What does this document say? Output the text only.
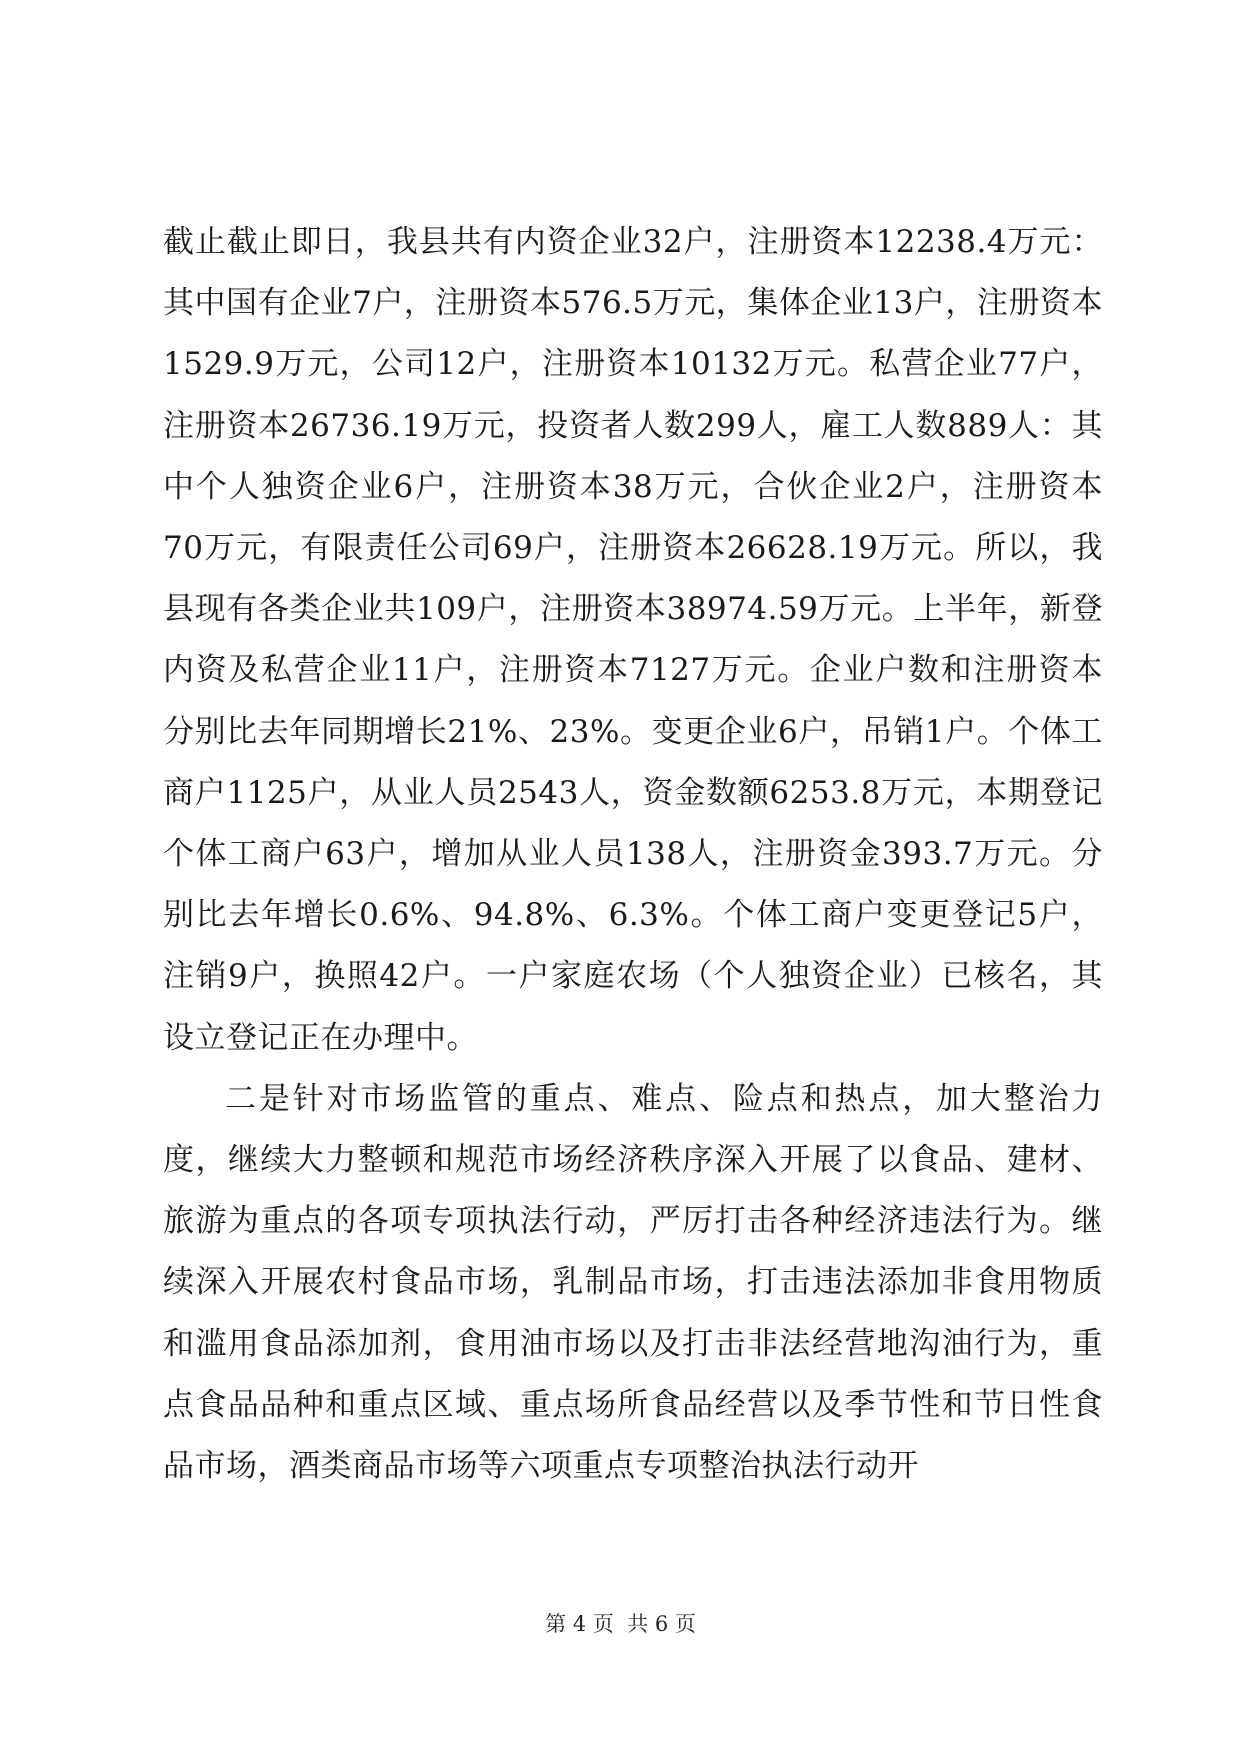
截止截止即日，我县共有内资企业32户，注册资本12238.4万元：其中国有企业7户，注册资本576.5万元，集体企业13户，注册资本1529.9万元，公司12户，注册资本10132万元。私营企业77户，注册资本26736.19万元，投资者人数299人，雇工人数889人：其中个人独资企业6户，注册资本38万元，合伙企业2户，注册资本70万元，有限责任公司69户，注册资本26628.19万元。所以，我县现有各类企业共109户，注册资本38974.59万元。上半年，新登内资及私营企业11户，注册资本7127万元。企业户数和注册资本分别比去年同期增长21%、23%。变更企业6户，吊销1户。个体工商户1125户，从业人员2543人，资金数额6253.8万元，本期登记个体工商户63户，增加从业人员138人，注册资金393.7万元。分别比去年增长0.6%、94.8%、6.3%。个体工商户变更登记5户，注销9户，换照42户。一户家庭农场（个人独资企业）已核名，其设立登记正在办理中。

二是针对市场监管的重点、难点、险点和热点，加大整治力度，继续大力整顿和规范市场经济秩序深入开展了以食品、建材、旅游为重点的各项专项执法行动，严厉打击各种经济违法行为。继续深入开展农村食品市场，乳制品市场，打击违法添加非食用物质和滥用食品添加剂，食用油市场以及打击非法经营地沟油行为，重点食品品种和重点区域、重点场所食品经营以及季节性和节日性食品市场，酒类商品市场等六项重点专项整治执法行动开

第 4 页  共 6 页
